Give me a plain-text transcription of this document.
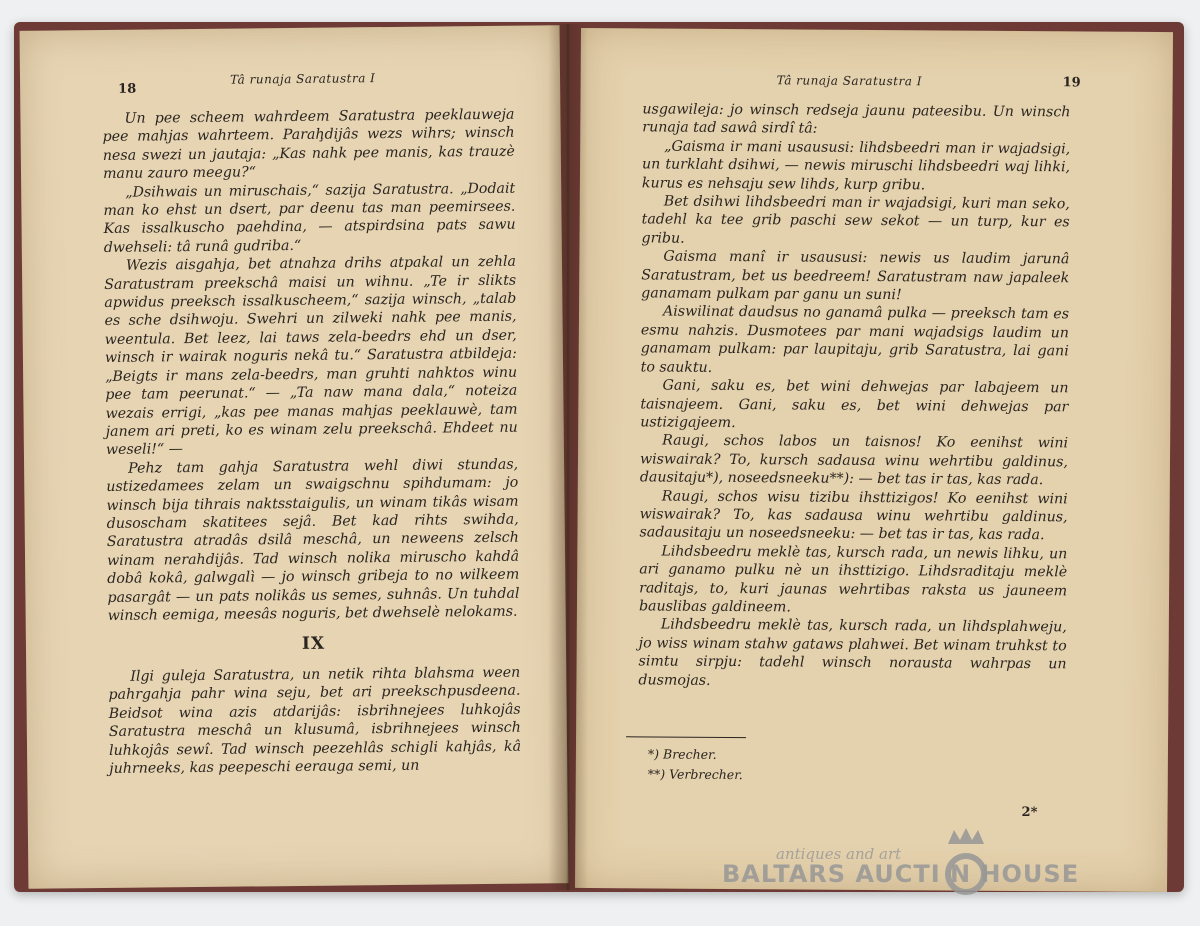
18
Tâ runaja Saratustra I

Un pee scheem wahrdeem Saratustra peeklauweja pee mahjas wahrteem. Paraḩdijâs wezs wihrs; winsch nesa swezi un jautaja: „Kas nahk pee manis, kas trauzè manu zauro meegu?“

„Dsihwais un miruschais,“ sazija Saratustra. „Dodait man ko ehst un dsert, par deenu tas man peemirsees. Kas issalkuscho paehdina, — atspirdsina pats sawu dwehseli: tâ runâ gudriba.“

Wezis aisgahja, bet atnahza drihs atpakal un zehla Saratustram preekschâ maisi un wihnu. „Te ir slikts apwidus preeksch issalkuscheem,“ sazija winsch, „talab es sche dsihwoju. Swehri un zilweki nahk pee manis, weentula. Bet leez, lai taws zela-beedrs ehd un dser, winsch ir wairak noguris nekâ tu.“ Saratustra atbildeja: „Beigts ir mans zela-beedrs, man gruhti nahktos winu pee tam peerunat.“ — „Ta naw mana dala,“ noteiza wezais errigi, „kas pee manas mahjas peeklauwè, tam janem ari preti, ko es winam zelu preekschâ. Ehdeet nu weseli!“ —

Pehz tam gahja Saratustra wehl diwi stundas, ustizedamees zelam un swaigschnu spihdumam: jo winsch bija tihrais naktsstaigulis, un winam tikâs wisam dusoscham skatitees sejâ. Bet kad rihts swihda, Saratustra atradâs dsilâ meschâ, un neweens zelsch winam nerahdijâs. Tad winsch nolika miruscho kahdâ dobâ kokâ, galwgalì — jo winsch gribeja to no wilkeem pasargât — un pats nolikâs us semes, suhnâs. Un tuhdal winsch eemiga, meesâs noguris, bet dwehselè nelokams.

IX

Ilgi guleja Saratustra, un netik rihta blahsma ween pahrgahja pahr wina seju, bet ari preekschpusdeena. Beidsot wina azis atdarijâs: isbrihnejees luhkojâs Saratustra meschâ un klusumâ, isbrihnejees winsch luhkojâs sewî. Tad winsch peezehlâs schigli kahjâs, kâ juhrneeks, kas peepeschi eerauga semi, un

Tâ runaja Saratustra I	19

usgawileja: jo winsch redseja jaunu pateesibu. Un winsch runaja tad sawâ sirdî tâ:

„Gaisma ir mani usaususi: lihdsbeedri man ir wajadsigi, un turklaht dsihwi, — newis miruschi lihdsbeedri waj lihki, kurus es nehsaju sew lihds, kurp gribu.

Bet dsihwi lihdsbeedri man ir wajadsigi, kuri man seko, tadehl ka tee grib paschi sew sekot — un turp, kur es gribu.

Gaisma manî ir usaususi: newis us laudim jarunâ Saratustram, bet us beedreem! Saratustram naw japaleek ganamam pulkam par ganu un suni!

Aiswilinat daudsus no ganamâ pulka — preeksch tam es esmu nahzis. Dusmotees par mani wajadsigs laudim un ganamam pulkam: par laupitaju, grib Saratustra, lai gani to sauktu.

Gani, saku es, bet wini dehwejas par labajeem un taisnajeem. Gani, saku es, bet wini dehwejas par ustizigajeem.

Raugi, schos labos un taisnos! Ko eenihst wini wiswairak? To, kursch sadausa winu wehrtibu galdinus, dausitaju*), noseedsneeku**): — bet tas ir tas, kas rada.

Raugi, schos wisu tizibu ihsttizigos! Ko eenihst wini wiswairak? To, kas sadausa winu wehrtibu galdinus, sadausitaju un noseedsneeku: — bet tas ir tas, kas rada.

Lihdsbeedru meklè tas, kursch rada, un newis lihku, un ari ganamo pulku nè un ihsttizigo. Lihdsraditaju meklè raditajs, to, kuri jaunas wehrtibas raksta us jauneem bauslibas galdineem.

Lihdsbeedru meklè tas, kursch rada, un lihdsplahweju, jo wiss winam stahw gataws plahwei. Bet winam truhkst to simtu sirpju: tadehl winsch norausta wahrpas un dusmojas.

*) Brecher.
**) Verbrecher.
2*
antiques and art
BALTARS AUCTI N HOUSE
